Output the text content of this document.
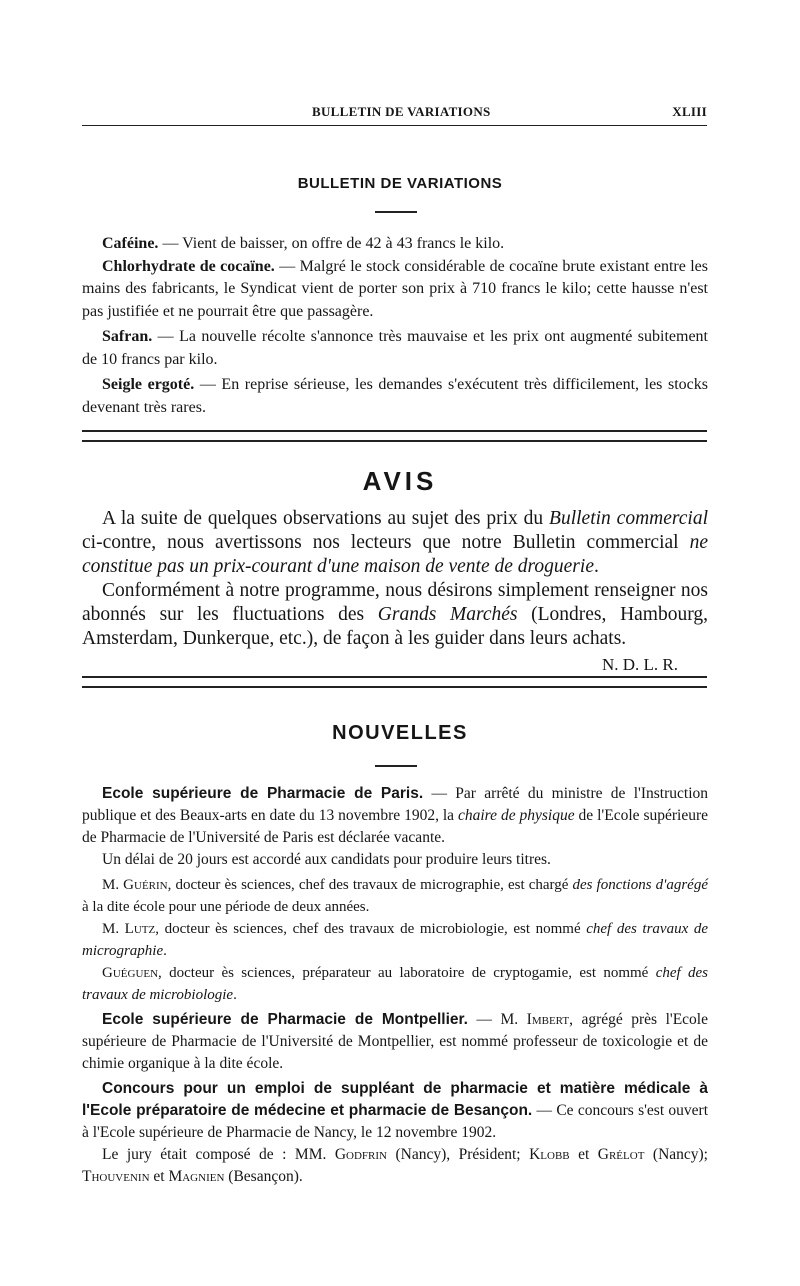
BULLETIN DE VARIATIONS	XLIII
BULLETIN DE VARIATIONS

Caféine. — Vient de baisser, on offre de 42 à 43 francs le kilo.

Chlorhydrate de cocaïne. — Malgré le stock considérable de cocaïne brute existant entre les mains des fabricants, le Syndicat vient de porter son prix à 710 francs le kilo; cette hausse n'est pas justifiée et ne pourrait être que passagère.

Safran. — La nouvelle récolte s'annonce très mauvaise et les prix ont augmenté subitement de 10 francs par kilo.

Seigle ergoté. — En reprise sérieuse, les demandes s'exécutent très difficilement, les stocks devenant très rares.

AVIS

A la suite de quelques observations au sujet des prix du Bulletin commercial ci-contre, nous avertissons nos lecteurs que notre Bulletin commercial ne constitue pas un prix-courant d'une maison de vente de droguerie.

Conformément à notre programme, nous désirons simplement renseigner nos abonnés sur les fluctuations des Grands Marchés (Londres, Hambourg, Amsterdam, Dunkerque, etc.), de façon à les guider dans leurs achats.

N. D. L. R.

NOUVELLES

Ecole supérieure de Pharmacie de Paris. — Par arrêté du ministre de l'Instruction publique et des Beaux-arts en date du 13 novembre 1902, la chaire de physique de l'Ecole supérieure de Pharmacie de l'Université de Paris est déclarée vacante.

Un délai de 20 jours est accordé aux candidats pour produire leurs titres.

M. Guérin, docteur ès sciences, chef des travaux de micrographie, est chargé des fonctions d'agrégé à la dite école pour une période de deux années.

M. Lutz, docteur ès sciences, chef des travaux de microbiologie, est nommé chef des travaux de micrographie.

Guéguen, docteur ès sciences, préparateur au laboratoire de cryptogamie, est nommé chef des travaux de microbiologie.

Ecole supérieure de Pharmacie de Montpellier. — M. Imbert, agrégé près l'Ecole supérieure de Pharmacie de l'Université de Montpellier, est nommé professeur de toxicologie et de chimie organique à la dite école.

Concours pour un emploi de suppléant de pharmacie et matière médicale à l'Ecole préparatoire de médecine et pharmacie de Besançon. — Ce concours s'est ouvert à l'Ecole supérieure de Pharmacie de Nancy, le 12 novembre 1902.

Le jury était composé de : MM. Godfrin (Nancy), Président; Klobb et Grélot (Nancy); Thouvenin et Magnien (Besançon).
